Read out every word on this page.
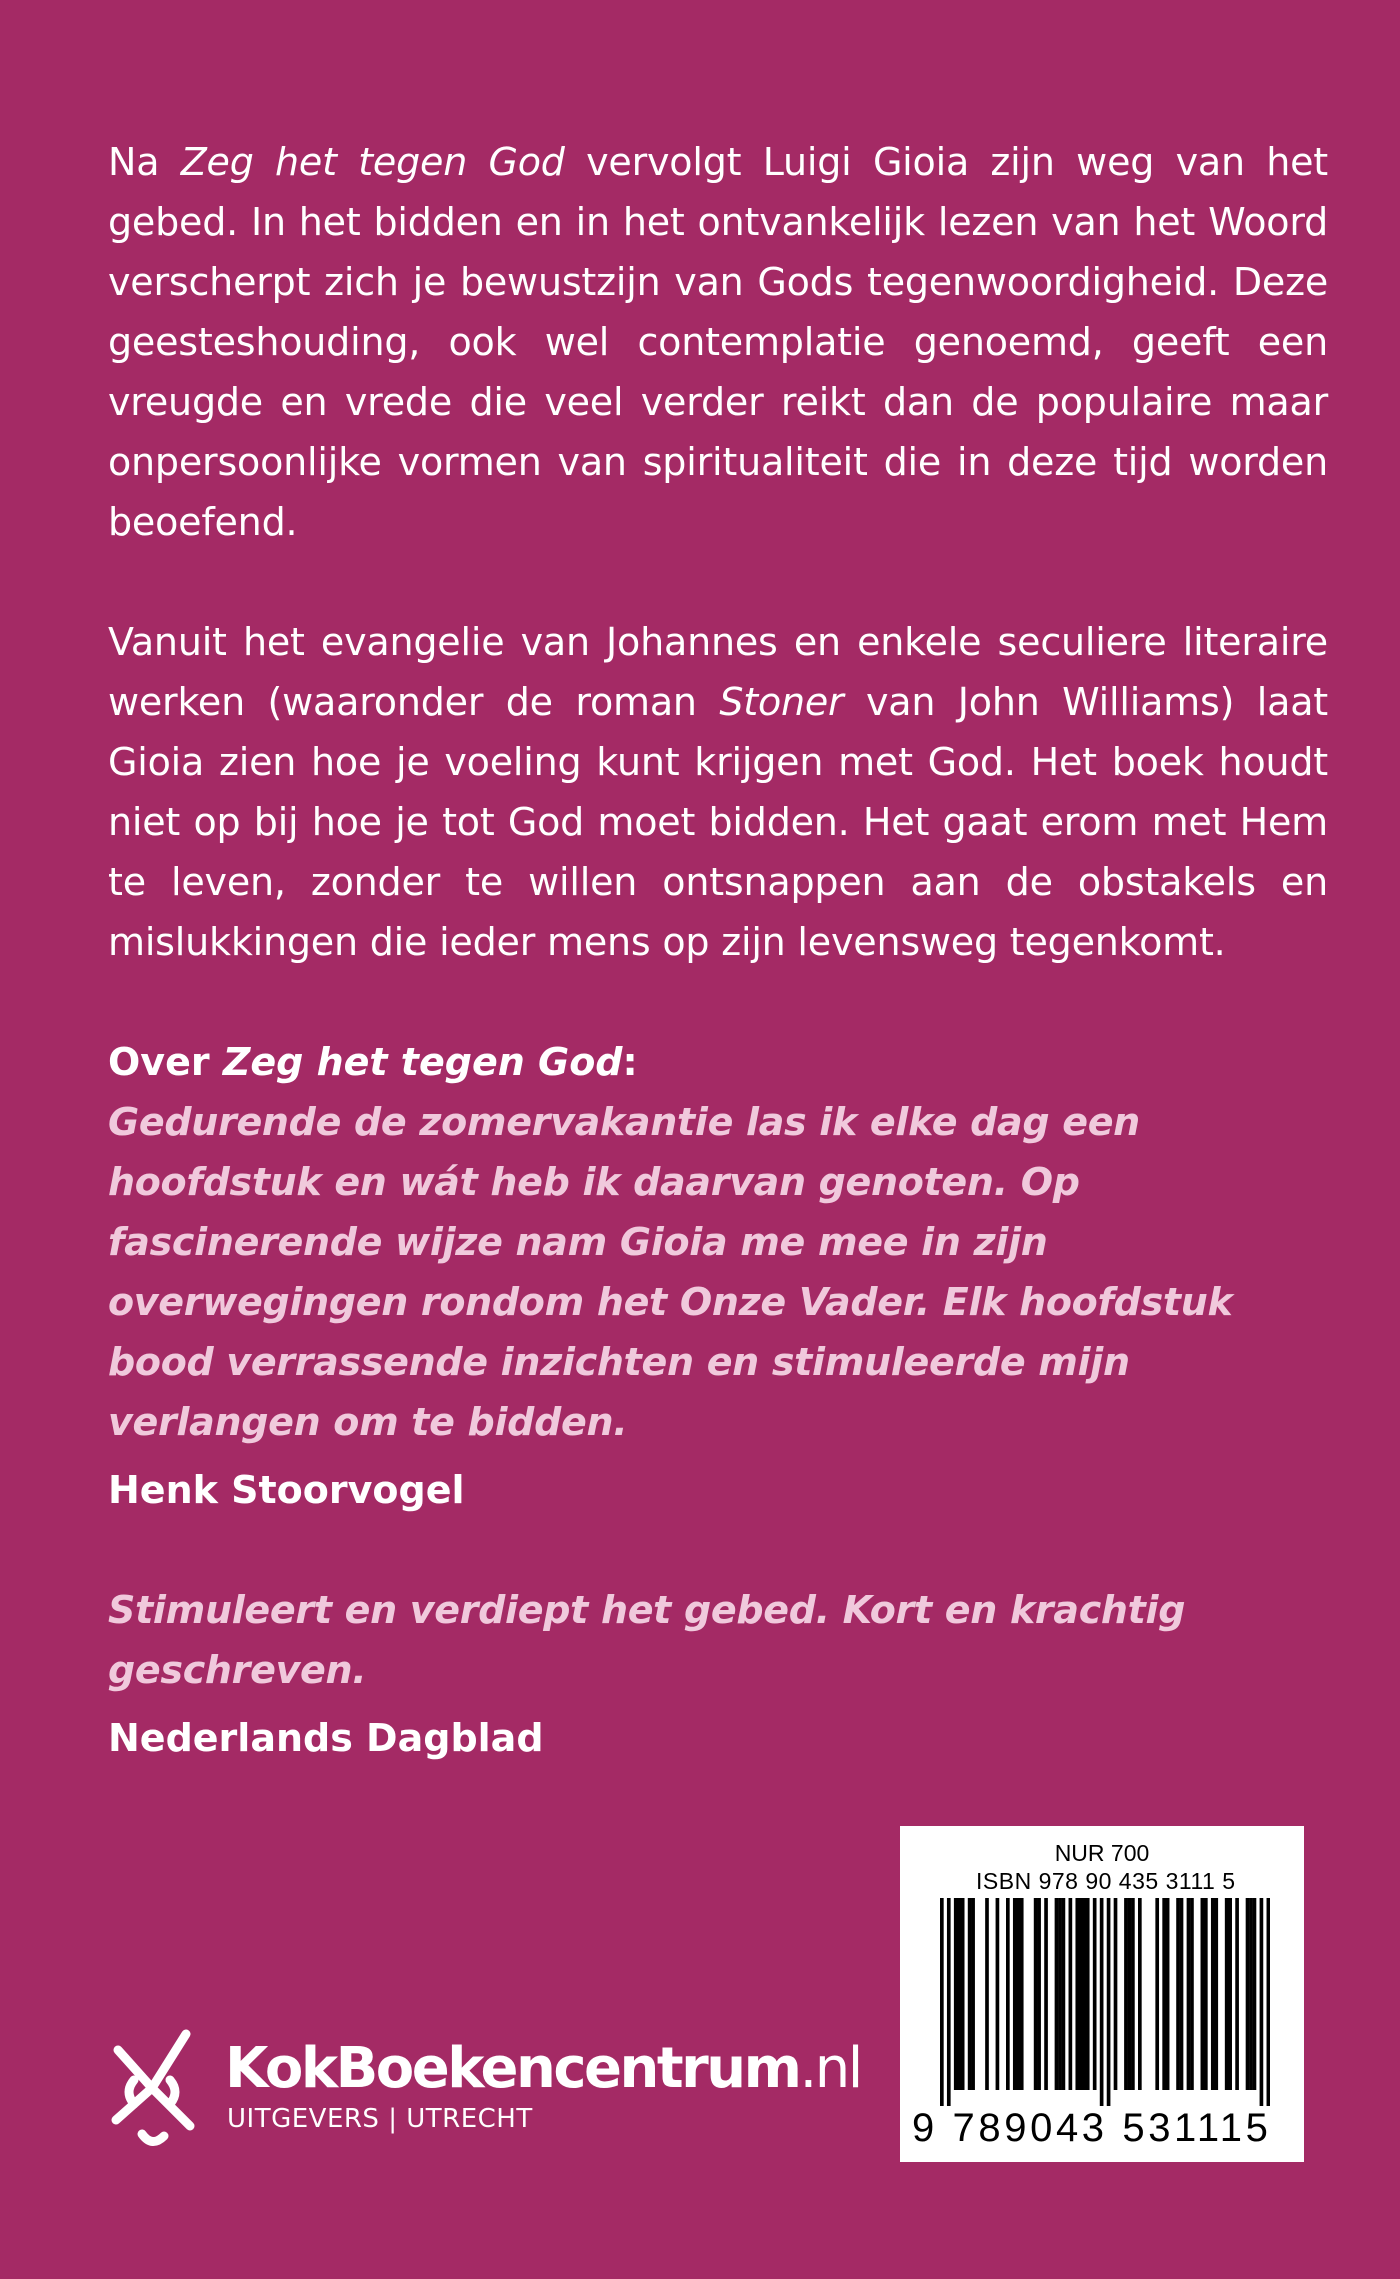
Na Zeg het tegen God vervolgt Luigi Gioia zijn weg van het gebed. In het bidden en in het ontvankelijk lezen van het Woord verscherpt zich je bewustzijn van Gods tegenwoordigheid. Deze geesteshouding, ook wel contemplatie genoemd, geeft een vreugde en vrede die veel verder reikt dan de populaire maar onpersoonlijke vormen van spiritualiteit die in deze tijd worden beoefend.

Vanuit het evangelie van Johannes en enkele seculiere literaire werken (waaronder de roman Stoner van John Williams) laat Gioia zien hoe je voeling kunt krijgen met God. Het boek houdt niet op bij hoe je tot God moet bidden. Het gaat erom met Hem te leven, zonder te willen ontsnappen aan de obstakels en mislukkingen die ieder mens op zijn levensweg tegenkomt.

Over Zeg het tegen God:

Gedurende de zomervakantie las ik elke dag een hoofdstuk en wát heb ik daarvan genoten. Op fascinerende wijze nam Gioia me mee in zijn overwegingen rondom het Onze Vader. Elk hoofdstuk bood verrassende inzichten en stimuleerde mijn verlangen om te bidden.

Henk Stoorvogel

Stimuleert en verdiept het gebed. Kort en krachtig geschreven.

Nederlands Dagblad

NUR 700
ISBN 978 90 435 3111 5
9 789043 531115
KokBoekencentrum.nl
UITGEVERS | UTRECHT
